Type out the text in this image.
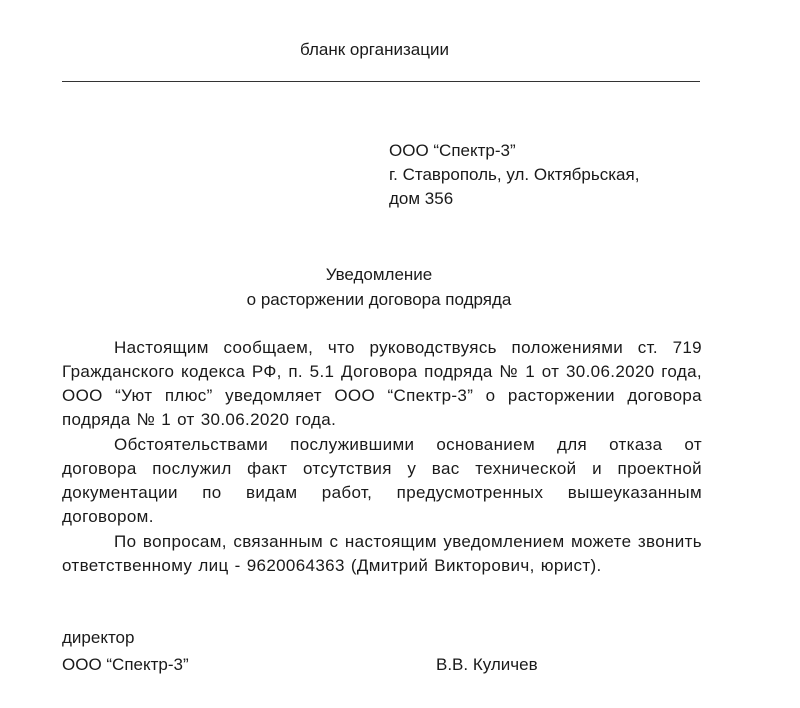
бланк организации
ООО “Спектр-3”
г. Ставрополь, ул. Октябрьская,
дом 356
Уведомление
о расторжении договора подряда

Настоящим сообщаем, что руководствуясь положениями ст. 719 Гражданского кодекса РФ, п. 5.1 Договора подряда № 1 от 30.06.2020 года, ООО “Уют плюс” уведомляет ООО “Спектр-3” о расторжении договора подряда № 1 от 30.06.2020 года.

Обстоятельствами послужившими основанием для отказа от договора послужил факт отсутствия у вас технической и проектной документации по видам работ, предусмотренных вышеуказанным договором.

По вопросам, связанным с настоящим уведомлением можете звонить ответственному лиц - 9620064363 (Дмитрий Викторович, юрист).

директор
ООО “Спектр-3”	В.В. Куличев
